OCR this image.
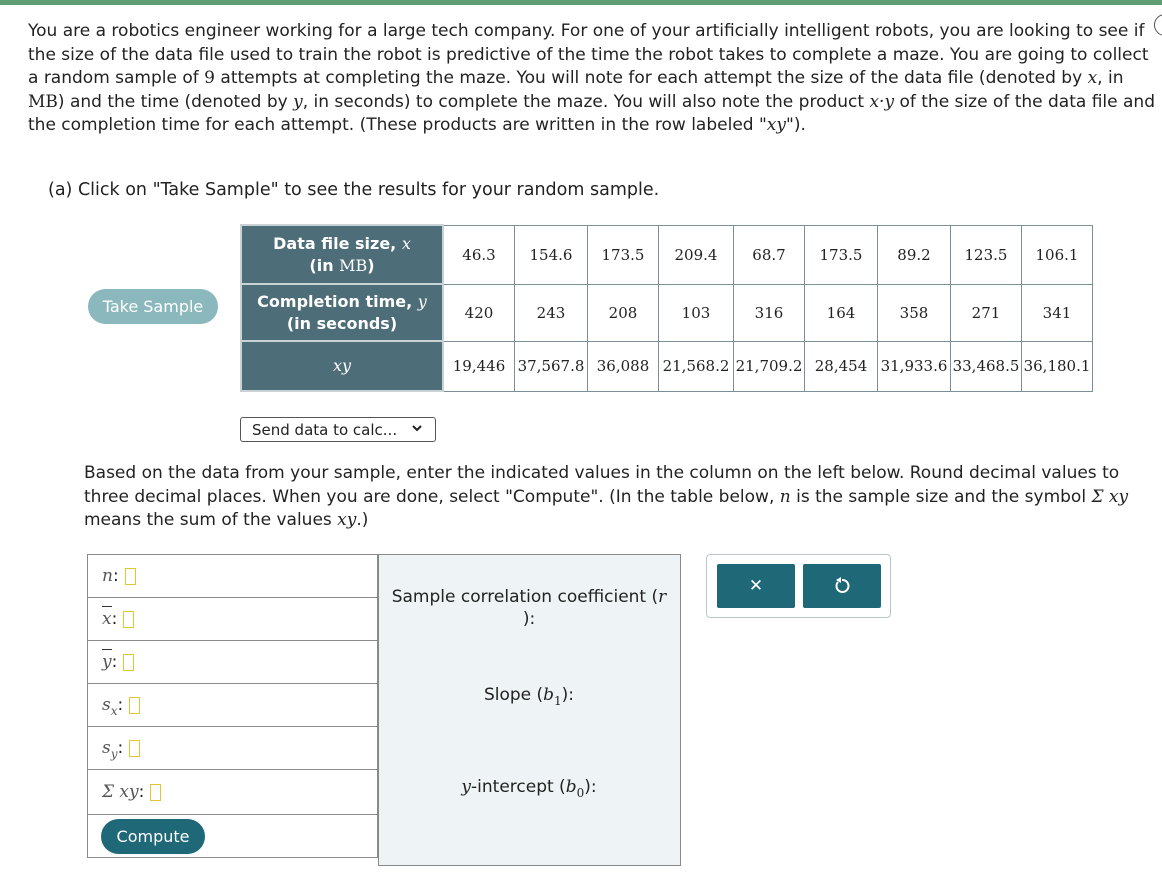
You are a robotics engineer working for a large tech company. For one of your artificially intelligent robots, you are looking to see if the size of the data file used to train the robot is predictive of the time the robot takes to complete a maze. You are going to collect a random sample of 9 attempts at completing the maze. You will note for each attempt the size of the data file (denoted by x, in MB) and the time (denoted by y, in seconds) to complete the maze. You will also note the product x·y of the size of the data file and the completion time for each attempt. (These products are written in the row labeled "xy").
(a) Click on "Take Sample" to see the results for your random sample.
Take Sample
Data file size, x
(in MB)	46.3	154.6	173.5	209.4	68.7	173.5	89.2	123.5	106.1
Completion time, y
(in seconds)	420	243	208	103	316	164	358	271	341
xy	19,446	37,567.8	36,088	21,568.2	21,709.2	28,454	31,933.6	33,468.5	36,180.1
Send data to calc...
Based on the data from your sample, enter the indicated values in the column on the left below. Round decimal values to three decimal places. When you are done, select "Compute". (In the table below, n is the sample size and the symbol Σ xy means the sum of the values xy.)
n :
x :
y :
$s_x$ :
$s_y$ :
Σ xy :
Compute
Sample correlation coefficient (r
):
Slope $(b_1)$:
y-intercept $(b_0)$:
✕
